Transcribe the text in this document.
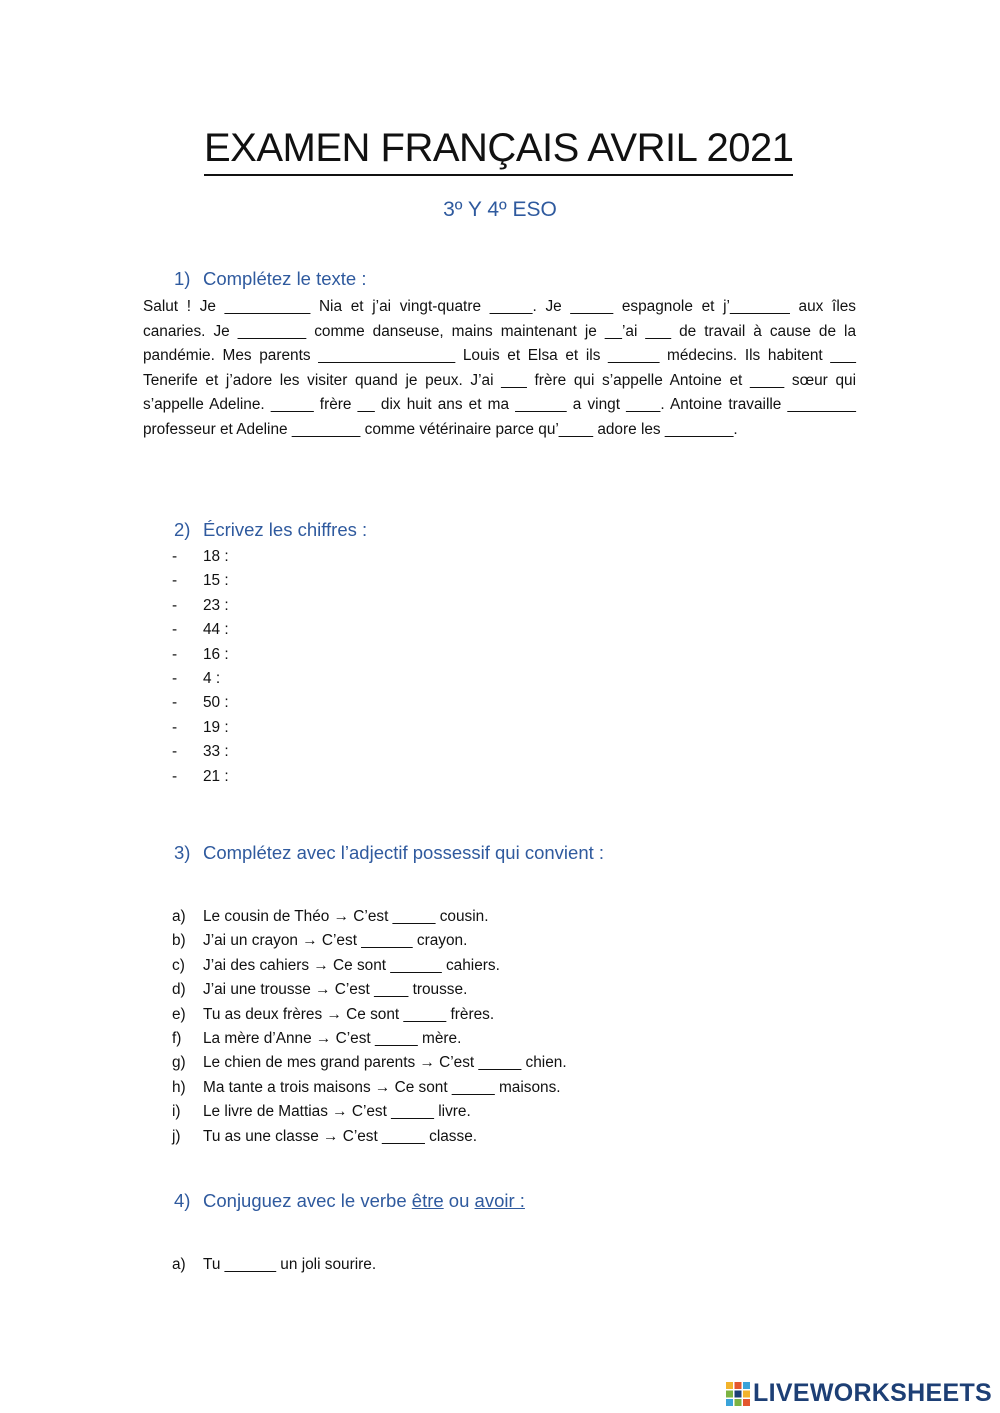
EXAMEN FRANÇAIS AVRIL 2021
3º Y 4º ESO
1) Complétez le texte :

Salut ! Je __________ Nia et j’ai vingt-quatre _____. Je _____ espagnole et j’_______ aux îles canaries. Je ________ comme danseuse, mains maintenant je __’ai ___ de travail à cause de la pandémie. Mes parents ________________ Louis et Elsa et ils ______ médecins. Ils habitent ___ Tenerife et j’adore les visiter quand je peux. J’ai ___ frère qui s’appelle Antoine et ____ sœur qui s’appelle Adeline. _____ frère __ dix huit ans et ma ______ a vingt ____. Antoine travaille ________ professeur et Adeline ________ comme vétérinaire parce qu’____ adore les ________.

2) Écrivez les chiffres :
- 18 :
- 15 :
- 23 :
- 44 :
- 16 :
- 4 :
- 50 :
- 19 :
- 33 :
- 21 :
3) Complétez avec l’adjectif possessif qui convient :
a) Le cousin de Théo → C’est _____ cousin.
b) J’ai un crayon → C’est ______ crayon.
c) J’ai des cahiers → Ce sont ______ cahiers.
d) J’ai une trousse → C’est ____ trousse.
e) Tu as deux frères → Ce sont _____ frères.
f) La mère d’Anne → C’est _____ mère.
g) Le chien de mes grand parents → C’est _____ chien.
h) Ma tante a trois maisons → Ce sont _____ maisons.
i) Le livre de Mattias → C’est _____ livre.
j) Tu as une classe → C’est _____ classe.
4) Conjuguez avec le verbe être ou avoir :
a) Tu ______ un joli sourire.
LIVEWORKSHEETS
